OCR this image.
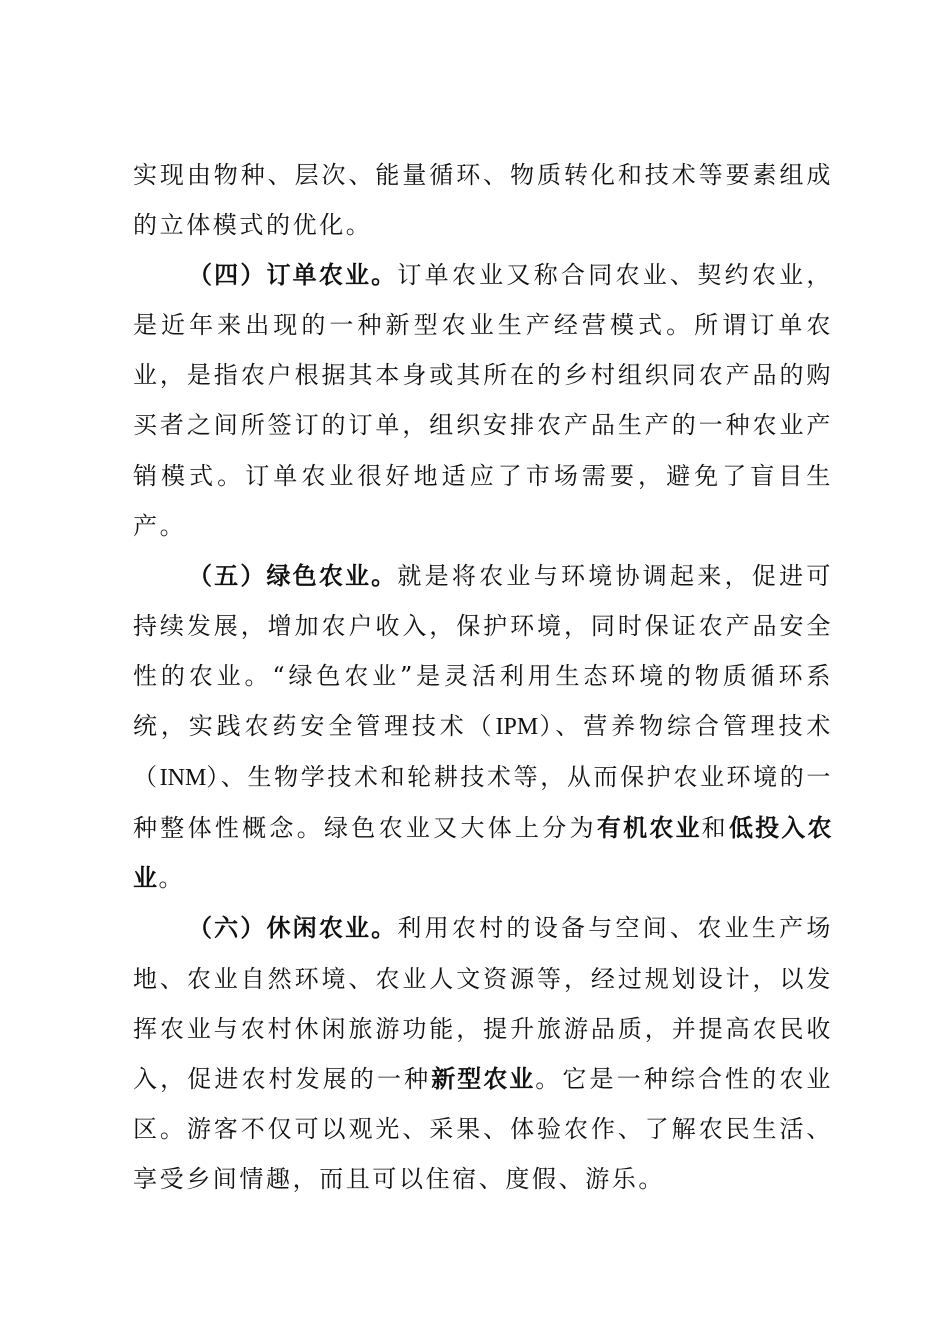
实现由物种、层次、能量循环、物质转化和技术等要素组成的立体模式的优化。

（四）订单农业。订单农业又称合同农业、契约农业，是近年来出现的一种新型农业生产经营模式。所谓订单农业，是指农户根据其本身或其所在的乡村组织同农产品的购买者之间所签订的订单，组织安排农产品生产的一种农业产销模式。订单农业很好地适应了市场需要，避免了盲目生产。

（五）绿色农业。就是将农业与环境协调起来，促进可持续发展，增加农户收入，保护环境，同时保证农产品安全性的农业。“绿色农业”是灵活利用生态环境的物质循环系统，实践农药安全管理技术（IPM）、营养物综合管理技术（INM）、生物学技术和轮耕技术等，从而保护农业环境的一种整体性概念。绿色农业又大体上分为有机农业和低投入农业。

（六）休闲农业。利用农村的设备与空间、农业生产场地、农业自然环境、农业人文资源等，经过规划设计，以发挥农业与农村休闲旅游功能，提升旅游品质，并提高农民收入，促进农村发展的一种新型农业。它是一种综合性的农业区。游客不仅可以观光、采果、体验农作、了解农民生活、享受乡间情趣，而且可以住宿、度假、游乐。
